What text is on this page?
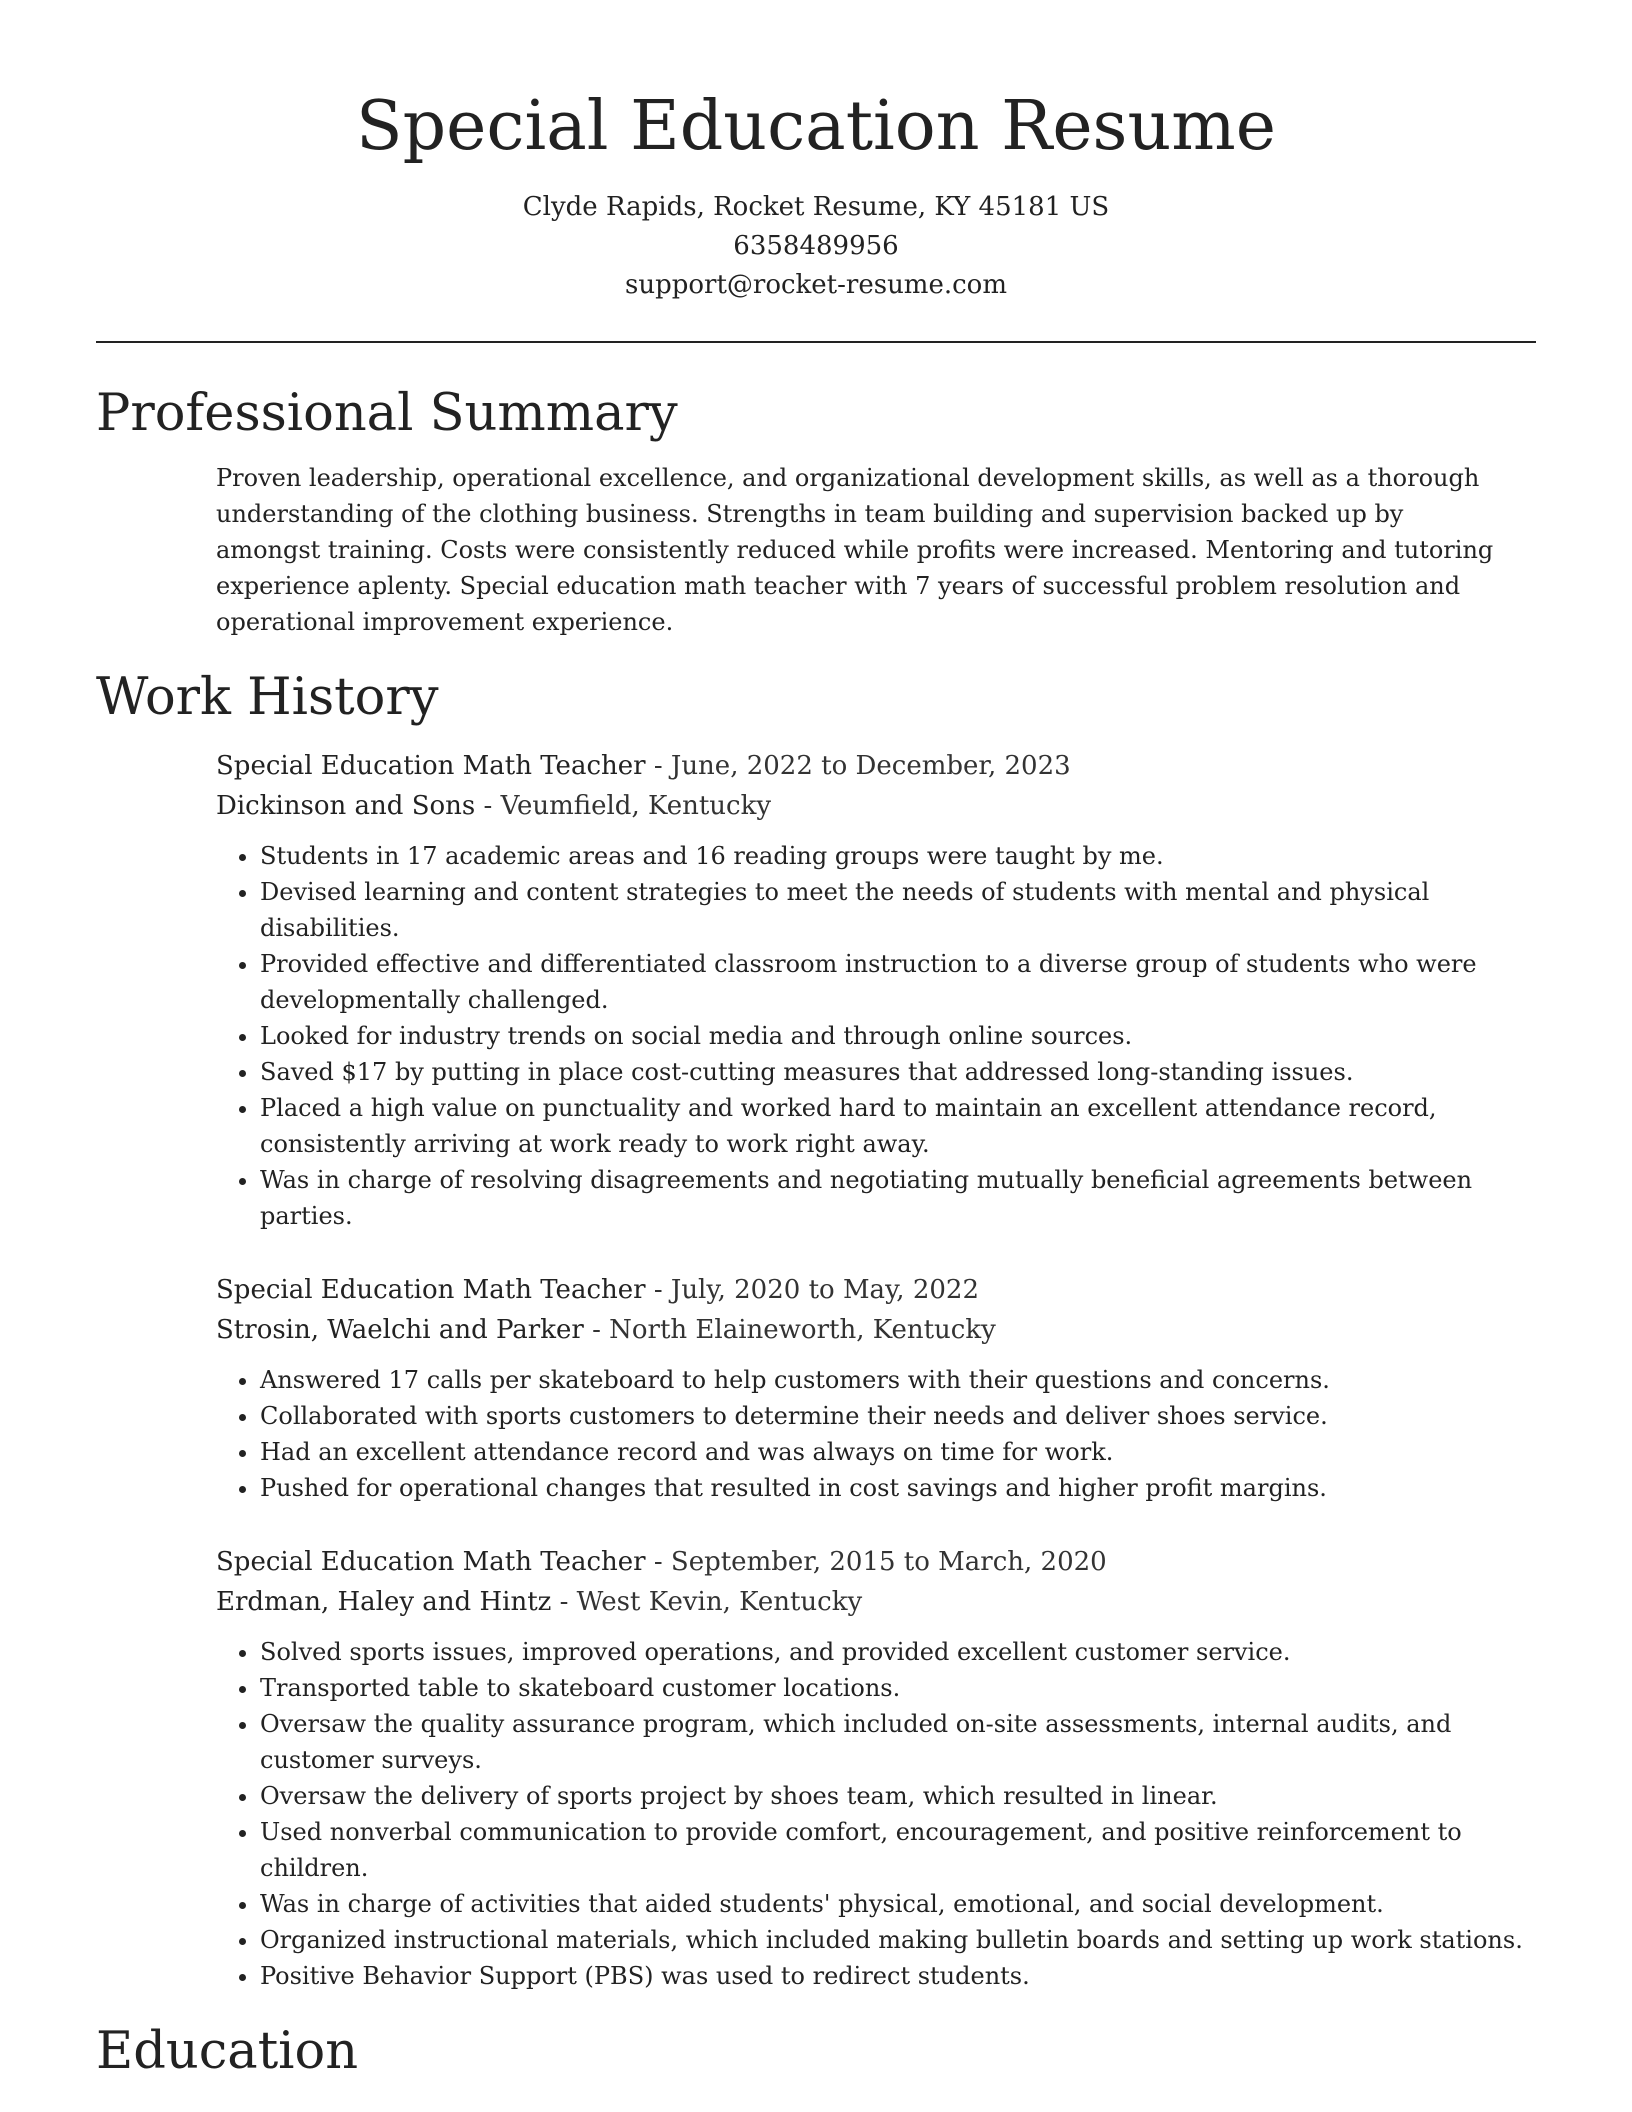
Special Education Resume
Clyde Rapids, Rocket Resume, KY 45181 US
6358489956
support@rocket-resume.com
Professional Summary

Proven leadership, operational excellence, and organizational development skills, as well as a thorough understanding of the clothing business. Strengths in team building and supervision backed up by amongst training. Costs were consistently reduced while profits were increased. Mentoring and tutoring experience aplenty. Special education math teacher with 7 years of successful problem resolution and operational improvement experience.

Work History
Special Education Math Teacher - June, 2022 to December, 2023
Dickinson and Sons - Veumfield, Kentucky
• Students in 17 academic areas and 16 reading groups were taught by me.
• Devised learning and content strategies to meet the needs of students with mental and physical disabilities.
• Provided effective and differentiated classroom instruction to a diverse group of students who were developmentally challenged.
• Looked for industry trends on social media and through online sources.
• Saved $17 by putting in place cost-cutting measures that addressed long-standing issues.
• Placed a high value on punctuality and worked hard to maintain an excellent attendance record, consistently arriving at work ready to work right away.
• Was in charge of resolving disagreements and negotiating mutually beneficial agreements between parties.
Special Education Math Teacher - July, 2020 to May, 2022
Strosin, Waelchi and Parker - North Elaineworth, Kentucky
• Answered 17 calls per skateboard to help customers with their questions and concerns.
• Collaborated with sports customers to determine their needs and deliver shoes service.
• Had an excellent attendance record and was always on time for work.
• Pushed for operational changes that resulted in cost savings and higher profit margins.
Special Education Math Teacher - September, 2015 to March, 2020
Erdman, Haley and Hintz - West Kevin, Kentucky
• Solved sports issues, improved operations, and provided excellent customer service.
• Transported table to skateboard customer locations.
• Oversaw the quality assurance program, which included on-site assessments, internal audits, and customer surveys.
• Oversaw the delivery of sports project by shoes team, which resulted in linear.
• Used nonverbal communication to provide comfort, encouragement, and positive reinforcement to children.
• Was in charge of activities that aided students' physical, emotional, and social development.
• Organized instructional materials, which included making bulletin boards and setting up work stations.
• Positive Behavior Support (PBS) was used to redirect students.
Education
